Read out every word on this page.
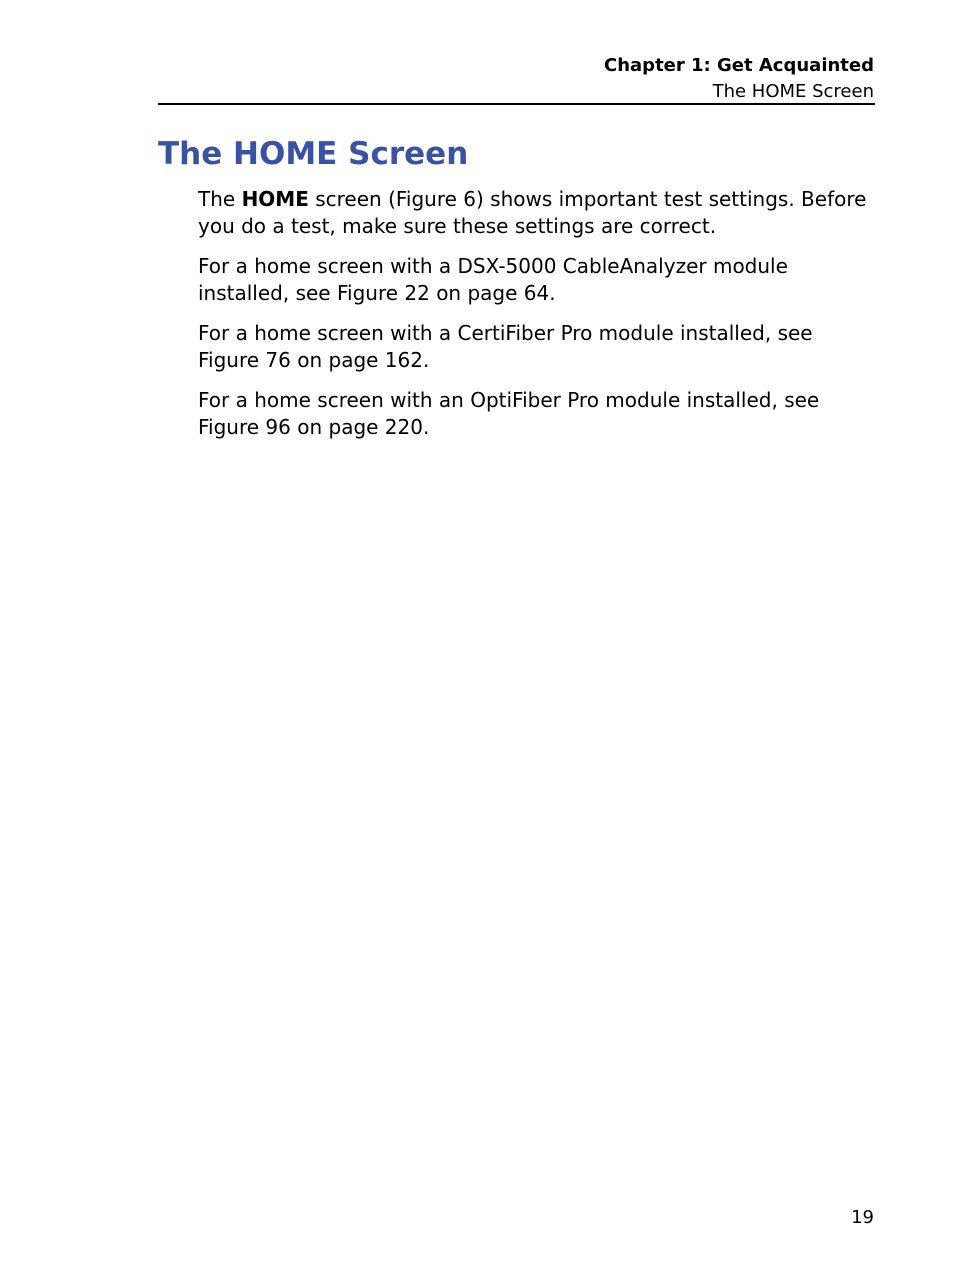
Chapter 1: Get Acquainted
The HOME Screen
The HOME Screen

The HOME screen (Figure 6) shows important test settings. Before you do a test, make sure these settings are correct.

For a home screen with a DSX-5000 CableAnalyzer module installed, see Figure 22 on page 64.

For a home screen with a CertiFiber Pro module installed, see Figure 76 on page 162.

For a home screen with an OptiFiber Pro module installed, see Figure 96 on page 220.

19
